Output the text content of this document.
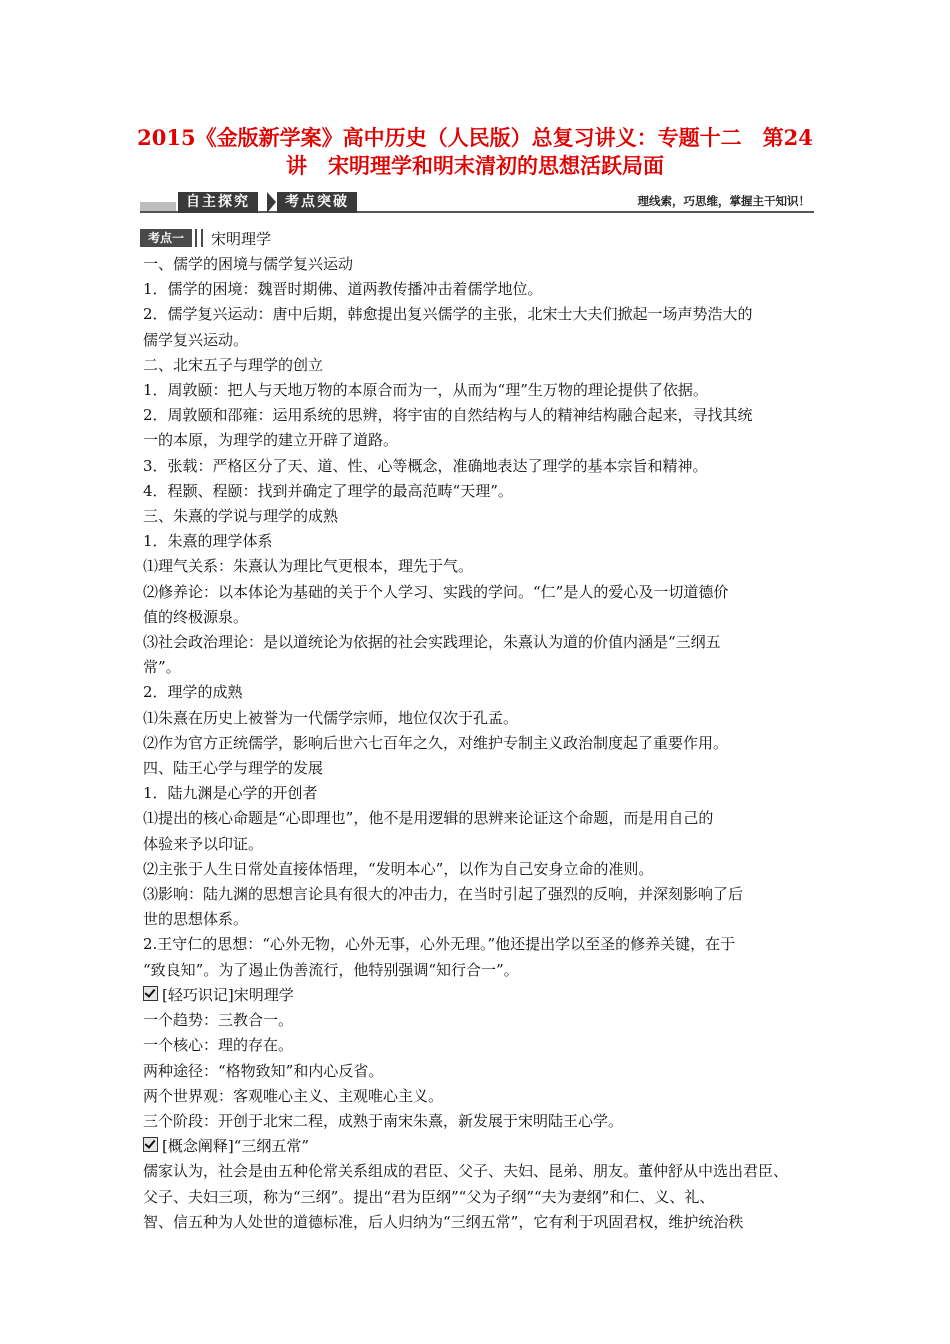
2015《金版新学案》高中历史（人民版）总复习讲义：专题十二　第24
讲　宋明理学和明末清初的思想活跃局面
自主探究	考点突破	理线索，巧思维，掌握主干知识！
考点一 宋明理学

一、儒学的困境与儒学复兴运动

1．儒学的困境：魏晋时期佛、道两教传播冲击着儒学地位。

2．儒学复兴运动：唐中后期，韩愈提出复兴儒学的主张，北宋士大夫们掀起一场声势浩大的

儒学复兴运动。

二、北宋五子与理学的创立

1．周敦颐：把人与天地万物的本原合而为一，从而为“理”生万物的理论提供了依据。

2．周敦颐和邵雍：运用系统的思辨，将宇宙的自然结构与人的精神结构融合起来，寻找其统

一的本原，为理学的建立开辟了道路。

3．张载：严格区分了天、道、性、心等概念，准确地表达了理学的基本宗旨和精神。

4．程颢、程颐：找到并确定了理学的最高范畴“天理”。

三、朱熹的学说与理学的成熟

1．朱熹的理学体系

⑴理气关系：朱熹认为理比气更根本，理先于气。

⑵修养论：以本体论为基础的关于个人学习、实践的学问。“仁”是人的爱心及一切道德价

值的终极源泉。

⑶社会政治理论：是以道统论为依据的社会实践理论，朱熹认为道的价值内涵是“三纲五

常”。

2．理学的成熟

⑴朱熹在历史上被誉为一代儒学宗师，地位仅次于孔孟。

⑵作为官方正统儒学，影响后世六七百年之久，对维护专制主义政治制度起了重要作用。

四、陆王心学与理学的发展

1．陆九渊是心学的开创者

⑴提出的核心命题是“心即理也”，他不是用逻辑的思辨来论证这个命题，而是用自己的

体验来予以印证。

⑵主张于人生日常处直接体悟理，“发明本心”，以作为自己安身立命的准则。

⑶影响：陆九渊的思想言论具有很大的冲击力，在当时引起了强烈的反响，并深刻影响了后

世的思想体系。

2.王守仁的思想：“心外无物，心外无事，心外无理。”他还提出学以至圣的修养关键，在于

“致良知”。为了遏止伪善流行，他特别强调“知行合一”。

[轻巧识记]宋明理学

一个趋势：三教合一。

一个核心：理的存在。

两种途径：“格物致知”和内心反省。

两个世界观：客观唯心主义、主观唯心主义。

三个阶段：开创于北宋二程，成熟于南宋朱熹，新发展于宋明陆王心学。

[概念阐释]“三纲五常”

儒家认为，社会是由五种伦常关系组成的君臣、父子、夫妇、昆弟、朋友。董仲舒从中选出君臣、

父子、夫妇三项，称为“三纲”。提出“君为臣纲”“父为子纲”“夫为妻纲”和仁、义、礼、

智、信五种为人处世的道德标准，后人归纳为“三纲五常”，它有利于巩固君权，维护统治秩
